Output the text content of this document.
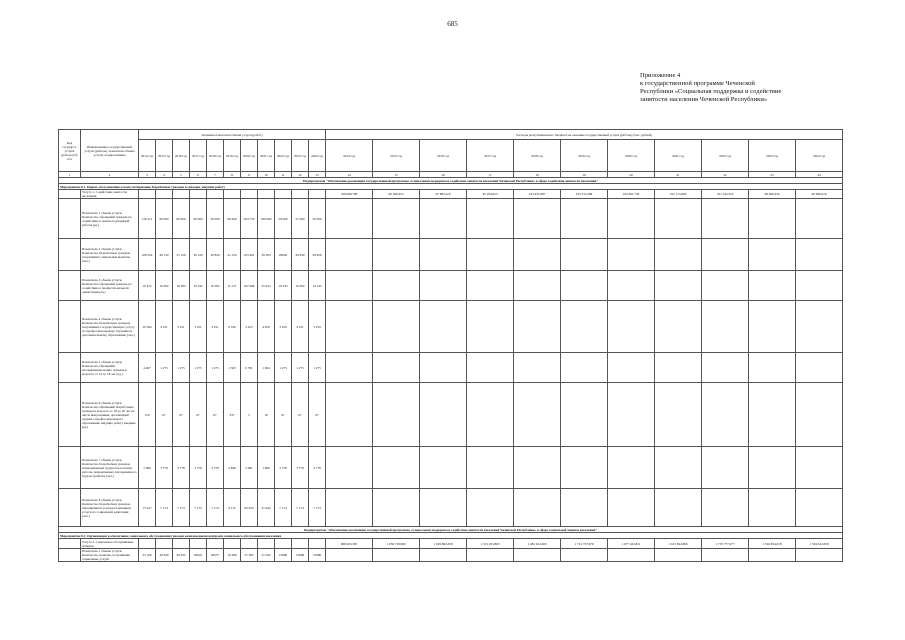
685
Приложение 4
к государственной программе Чеченской
Республики «Социальная поддержка и содействие
занятости населения Чеченской Республики»
Код государст. услуги (работы) № п/п	Наименование государственной услуги (работы), показателя объема услуги, подпрограммы	Значение показателя объема услуги (работ)											Расходы республиканского бюджета на оказание государственной услуги (работы) (тыс. рублей)										
		2014 год	2015 год	2016 год	2017 год	2018 год	2019 год	2020 год	2021 год	2022 год	2023 год	2024 год	2014 год	2015 год	2016 год	2017 год	2018 год	2019 год	2020 год	2021 год	2022 год	2023 год	2024 год
1	2	3	4	5	6	7	8	9	10	11	12	13	14	15	16	17	18	19	20	21	22	23	24
Подпрограмма "Обеспечение реализации государственной программы «Социальная поддержка и содействие занятости населения Чеченской Республики» в сфере содействия занятости населения"																							
Мероприятие 8.1. Прием, обслуживание и консультирование безработных граждан и граждан, ищущих работу																							
	Услуга 1. Содействие занятости населения												108 099,786	90 300,455	97 883,410	95 294,923	103 931,887	105 315,289	102 991,739	102 115,893	101 542,219	98 990,426	99 996,476
	Показатель 1 объема услуги. Количество обращений граждан по содействию в поиске подходящей работы (ед.)	120 411	60 000	60 000	60 000	59 000	60 644	204 759	180 000	59 000	51 000	59 000											
	Показатель 2 объема услуги. Количество безработных граждан, получивших социальные выплаты (чел.)	108 254	49 150	51 120	30 129	29 829	41 234	163 491	39 383	29829	29 830	29 829											
	Показатель 3 объема услуги. Количество обращений граждан по содействию в профессиональной ориентации (ед.)	16 472	10 282	10 282	10 342	10 282	11 537	162 288	35 914	10 245	10 282	10 245											
	Показатель 4 объема услуги. Количество безработных граждан, получивших государственную услугу по профессиональному обучению и дополнительному образованию (чел.)	10 564	3 251	3 251	3 251	3 251	8 190	3 425	4 950	3 259	3 251	3 259											
	Показатель 5 объема услуги. Количество обращений несовершеннолетних граждан в возрасте от 14 до 18 лет (ед.)	4 407	1 275	1 275	1 275	1 275	1 303	6 781	1 064	1 275	1 275	1 275											
	Показатель 6 объема услуги. Количество обращений безработных граждан в возрасте от 18 до 20 лет из числа выпускников, организаций среднего профессионального образования, ищущих работу впервые (ед.)	120	67	67	67	67	337	5	18	67	67	67											
	Показатель 7 объема услуги. Количество безработных граждан, испытывающих трудности в поиске работы, направленных для временного трудоустройства (чел.)	7 666	3 778	3 778	3 778	3 778	2 849	2 081	1 660	3 778	3 778	3 778											
	Показатель 8 объема услуги. Количество безработных граждан, обратившихся за предоставлением услуги по социальной адаптации (чел.)	15 227	7 174	7 174	7 174	7 174	9 112	65 933	21 942	7 174	7 174	7 174											
Подпрограмма "Обеспечение реализации государственной программы «Социальная поддержка и содействие занятости населения Чеченской Республики» в сфере социальной защиты населения"																							
Мероприятие 8.2. Организация и обеспечение социального обслуживания граждан комплексными центрами социального обслуживания населения																							
	Услуга 2. Социальное обслуживание граждан												908 023,395	1 059 718,990	1 029 862,639	1 315 253,863	1 481 612,400	1 712 737,670	1 677 425,811	1 615 822,866	1 770 777,977	1 594 654,018	1 594 612,639
	Показатель 1 объема услуги. Количество граждан, получивших социальные услуги	35 100	40 629	40 635	20922	20657	19 489	27 385	21 042	21890	21890	21890											
